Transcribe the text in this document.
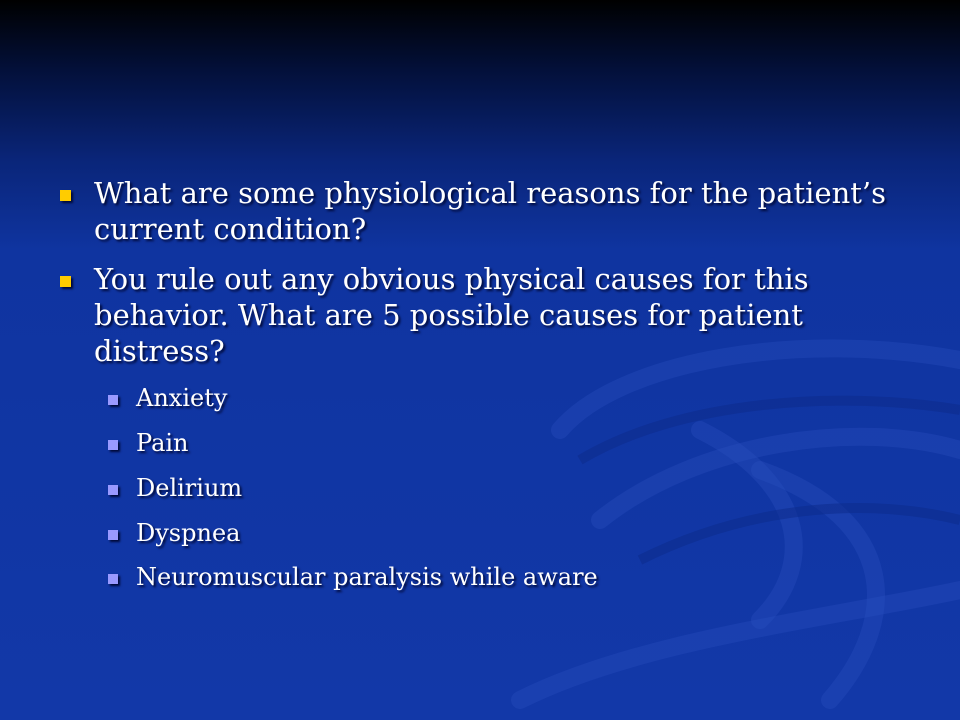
What are some physiological reasons for the patient’s current condition?
You rule out any obvious physical causes for this behavior. What are 5 possible causes for patient distress?
Anxiety
Pain
Delirium
Dyspnea
Neuromuscular paralysis while aware
